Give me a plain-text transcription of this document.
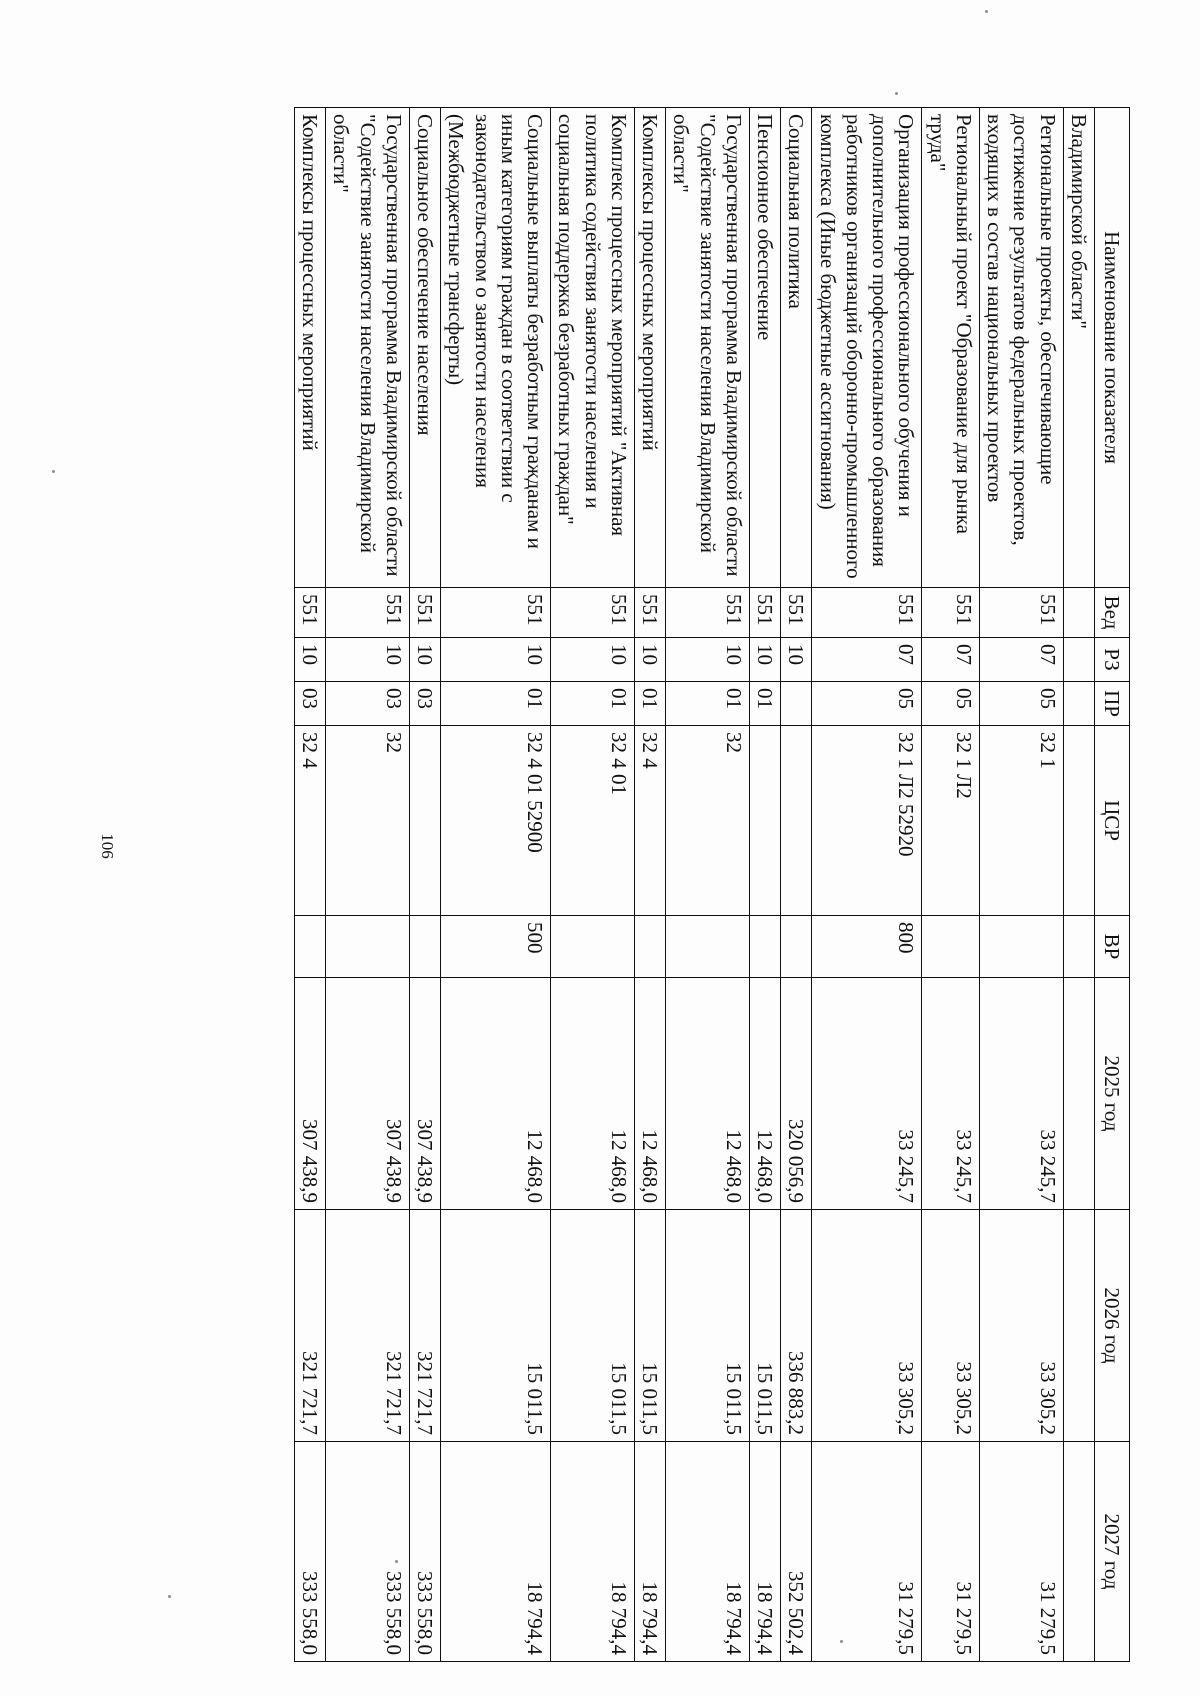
106
Наименование показателя	Вед	РЗ	ПР	ЦСР	ВР	2025 год	2026 год	2027 год
Владимирской области"								
Региональные проекты, обеспечивающие достижение результатов федеральных проектов, входящих в состав национальных проектов	551	07	05	32 1		33 245,7	33 305,2	31 279,5
Региональный проект "Образование для рынка труда"	551	07	05	32 1 Л2		33 245,7	33 305,2	31 279,5
Организация профессионального обучения и дополнительного профессионального образования работников организаций оборонно-промышленного комплекса (Иные бюджетные ассигнования)	551	07	05	32 1 Л2 52920	800	33 245,7	33 305,2	31 279,5
Социальная политика	551	10				320 056,9	336 883,2	352 502,4
Пенсионное обеспечение	551	10	01			12 468,0	15 011,5	18 794,4
Государственная программа Владимирской области "Содействие занятости населения Владимирской области"	551	10	01	32		12 468,0	15 011,5	18 794,4
Комплексы процессных мероприятий	551	10	01	32 4		12 468,0	15 011,5	18 794,4
Комплекс процессных мероприятий "Активная политика содействия занятости населения и социальная поддержка безработных граждан"	551	10	01	32 4 01		12 468,0	15 011,5	18 794,4
Социальные выплаты безработным гражданам и иным категориям граждан в соответствии с законодательством о занятости населения (Межбюджетные трансферты)	551	10	01	32 4 01 52900	500	12 468,0	15 011,5	18 794,4
Социальное обеспечение населения	551	10	03			307 438,9	321 721,7	333 558,0
Государственная программа Владимирской области "Содействие занятости населения Владимирской области"	551	10	03	32		307 438,9	321 721,7	333 558,0
Комплексы процессных мероприятий	551	10	03	32 4		307 438,9	321 721,7	333 558,0
